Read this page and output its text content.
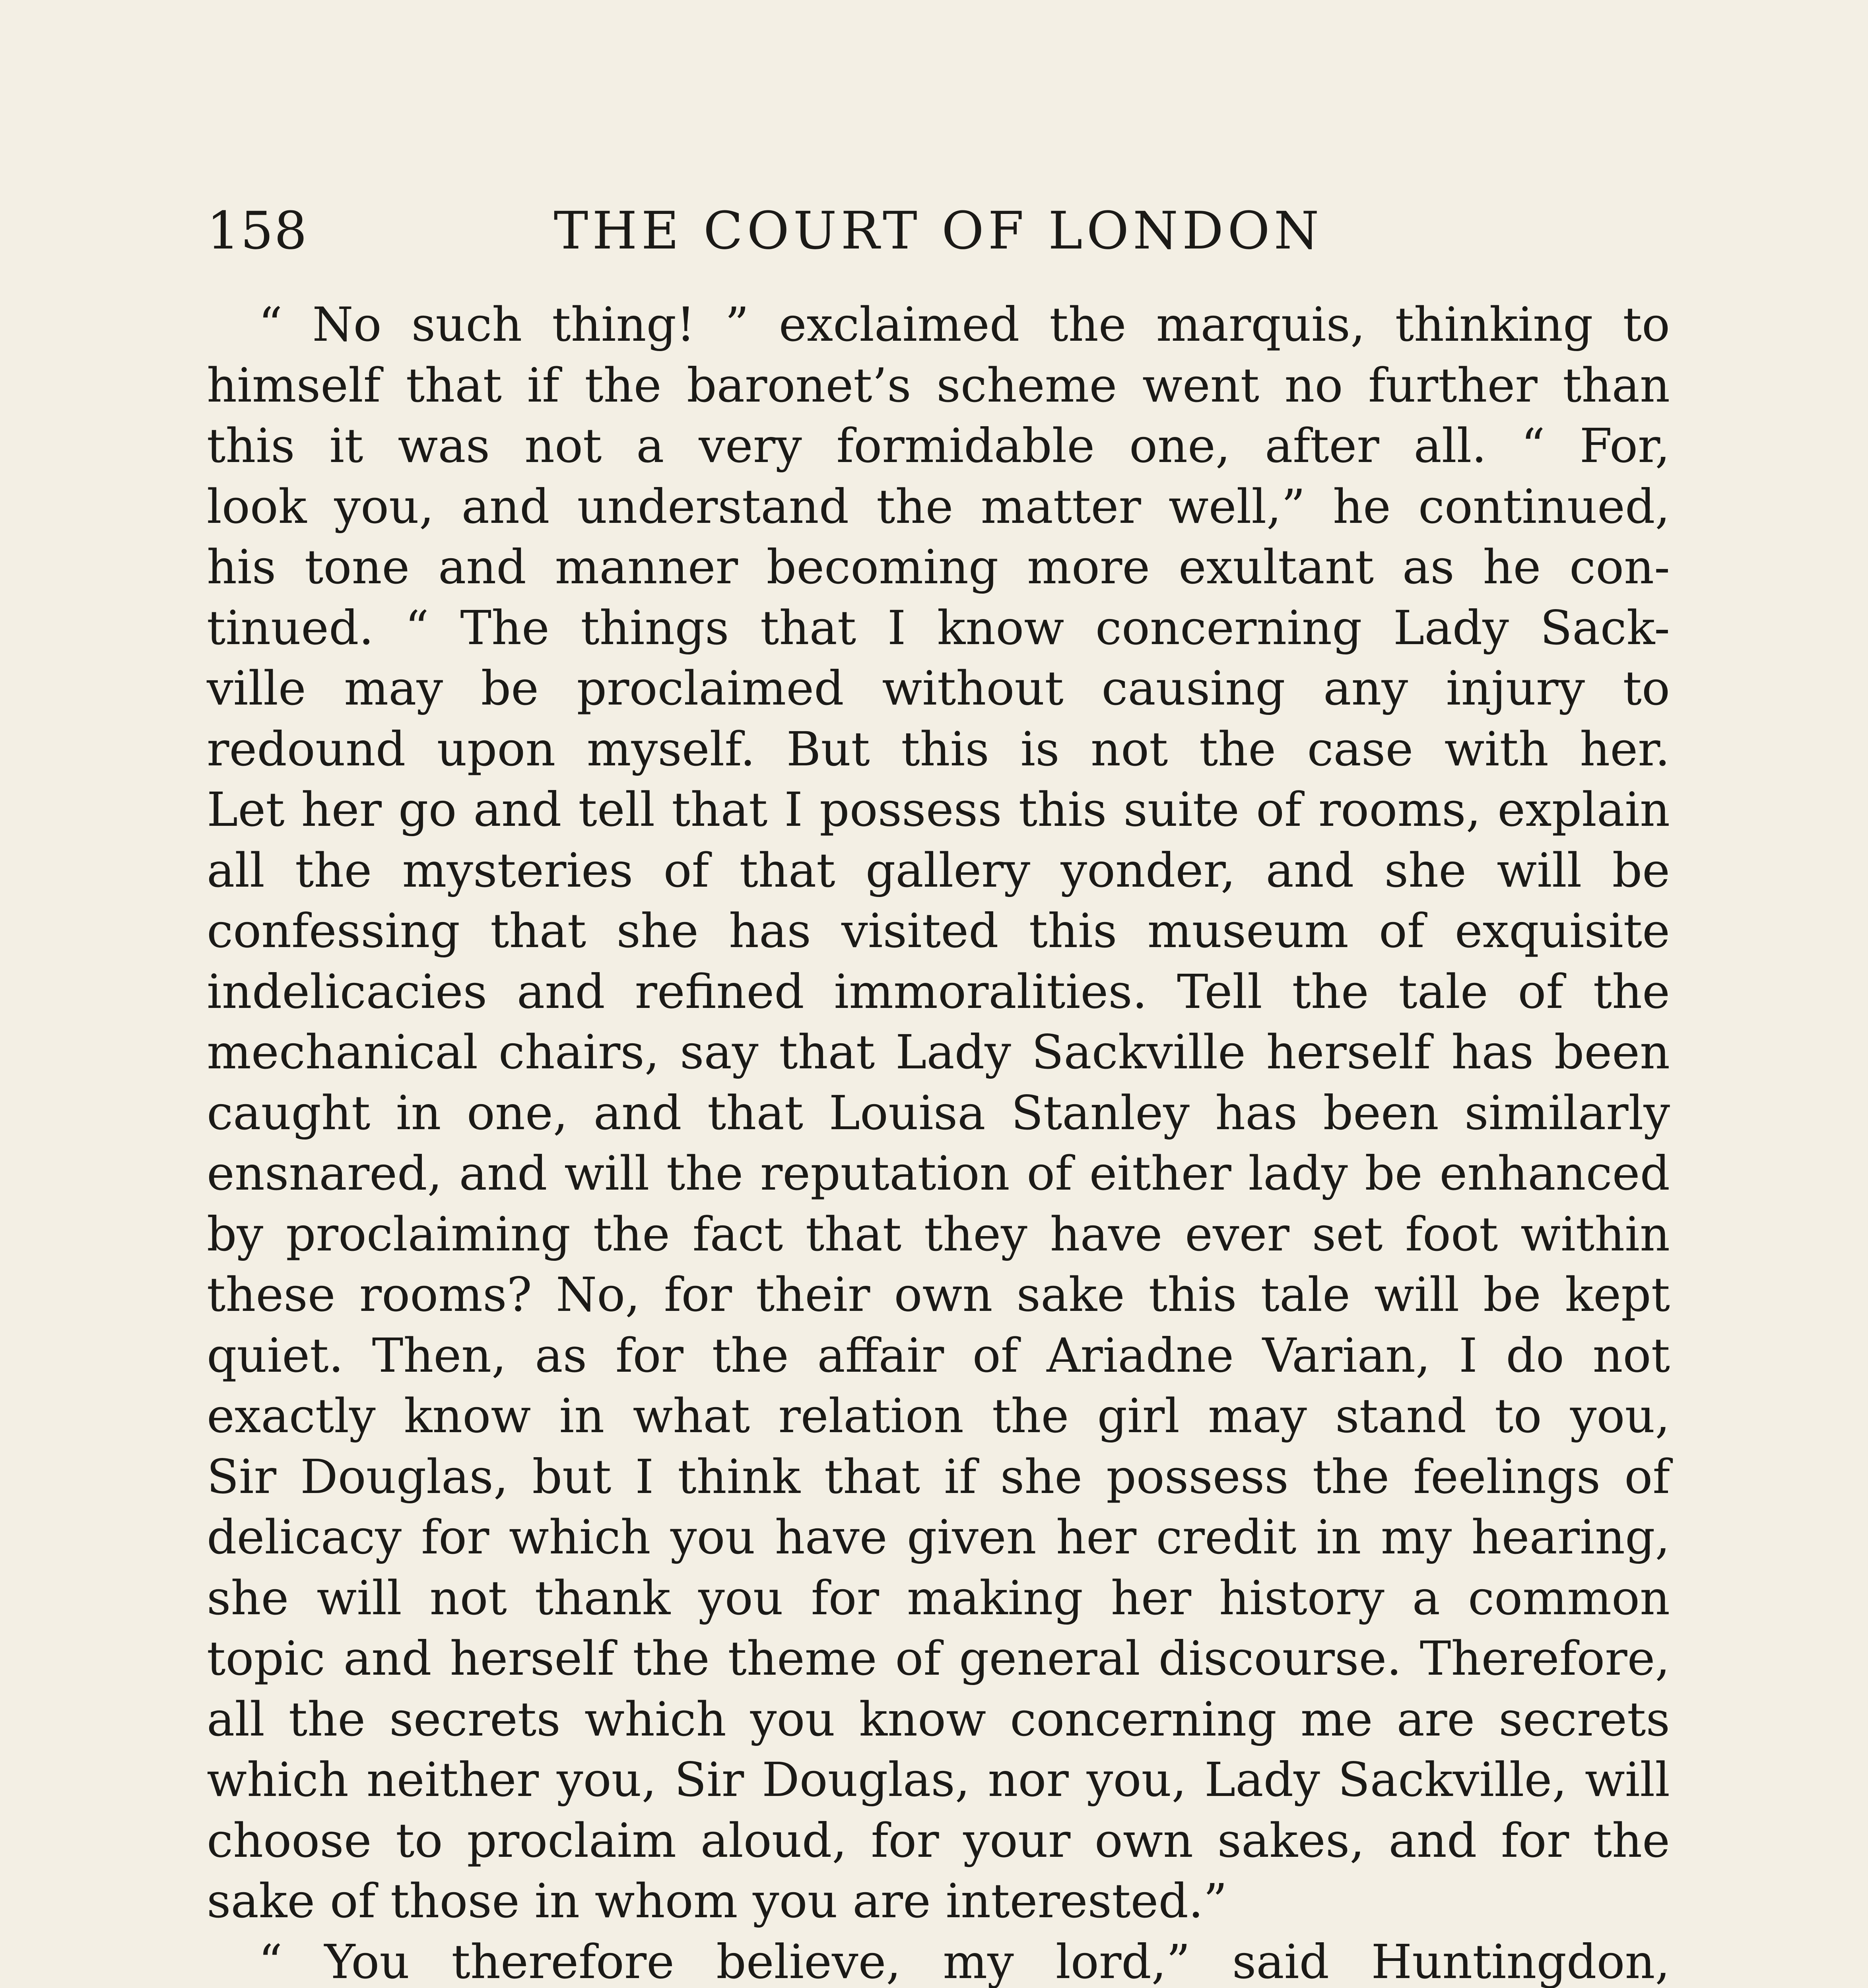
158	THE COURT OF LONDON
“ No such thing! ” exclaimed the marquis, thinking to
himself that if the baronet’s scheme went no further than
this it was not a very formidable one, after all. “ For,
look you, and understand the matter well,” he continued,
his tone and manner becoming more exultant as he con-
tinued. “ The things that I know concerning Lady Sack-
ville may be proclaimed without causing any injury to
redound upon myself. But this is not the case with her.
Let her go and tell that I possess this suite of rooms, explain
all the mysteries of that gallery yonder, and she will be
confessing that she has visited this museum of exquisite
indelicacies and refined immoralities. Tell the tale of the
mechanical chairs, say that Lady Sackville herself has been
caught in one, and that Louisa Stanley has been similarly
ensnared, and will the reputation of either lady be enhanced
by proclaiming the fact that they have ever set foot within
these rooms? No, for their own sake this tale will be kept
quiet. Then, as for the affair of Ariadne Varian, I do not
exactly know in what relation the girl may stand to you,
Sir Douglas, but I think that if she possess the feelings of
delicacy for which you have given her credit in my hearing,
she will not thank you for making her history a common
topic and herself the theme of general discourse. Therefore,
all the secrets which you know concerning me are secrets
which neither you, Sir Douglas, nor you, Lady Sackville, will
choose to proclaim aloud, for your own sakes, and for the
sake of those in whom you are interested.”
“ You therefore believe, my lord,” said Huntingdon,
